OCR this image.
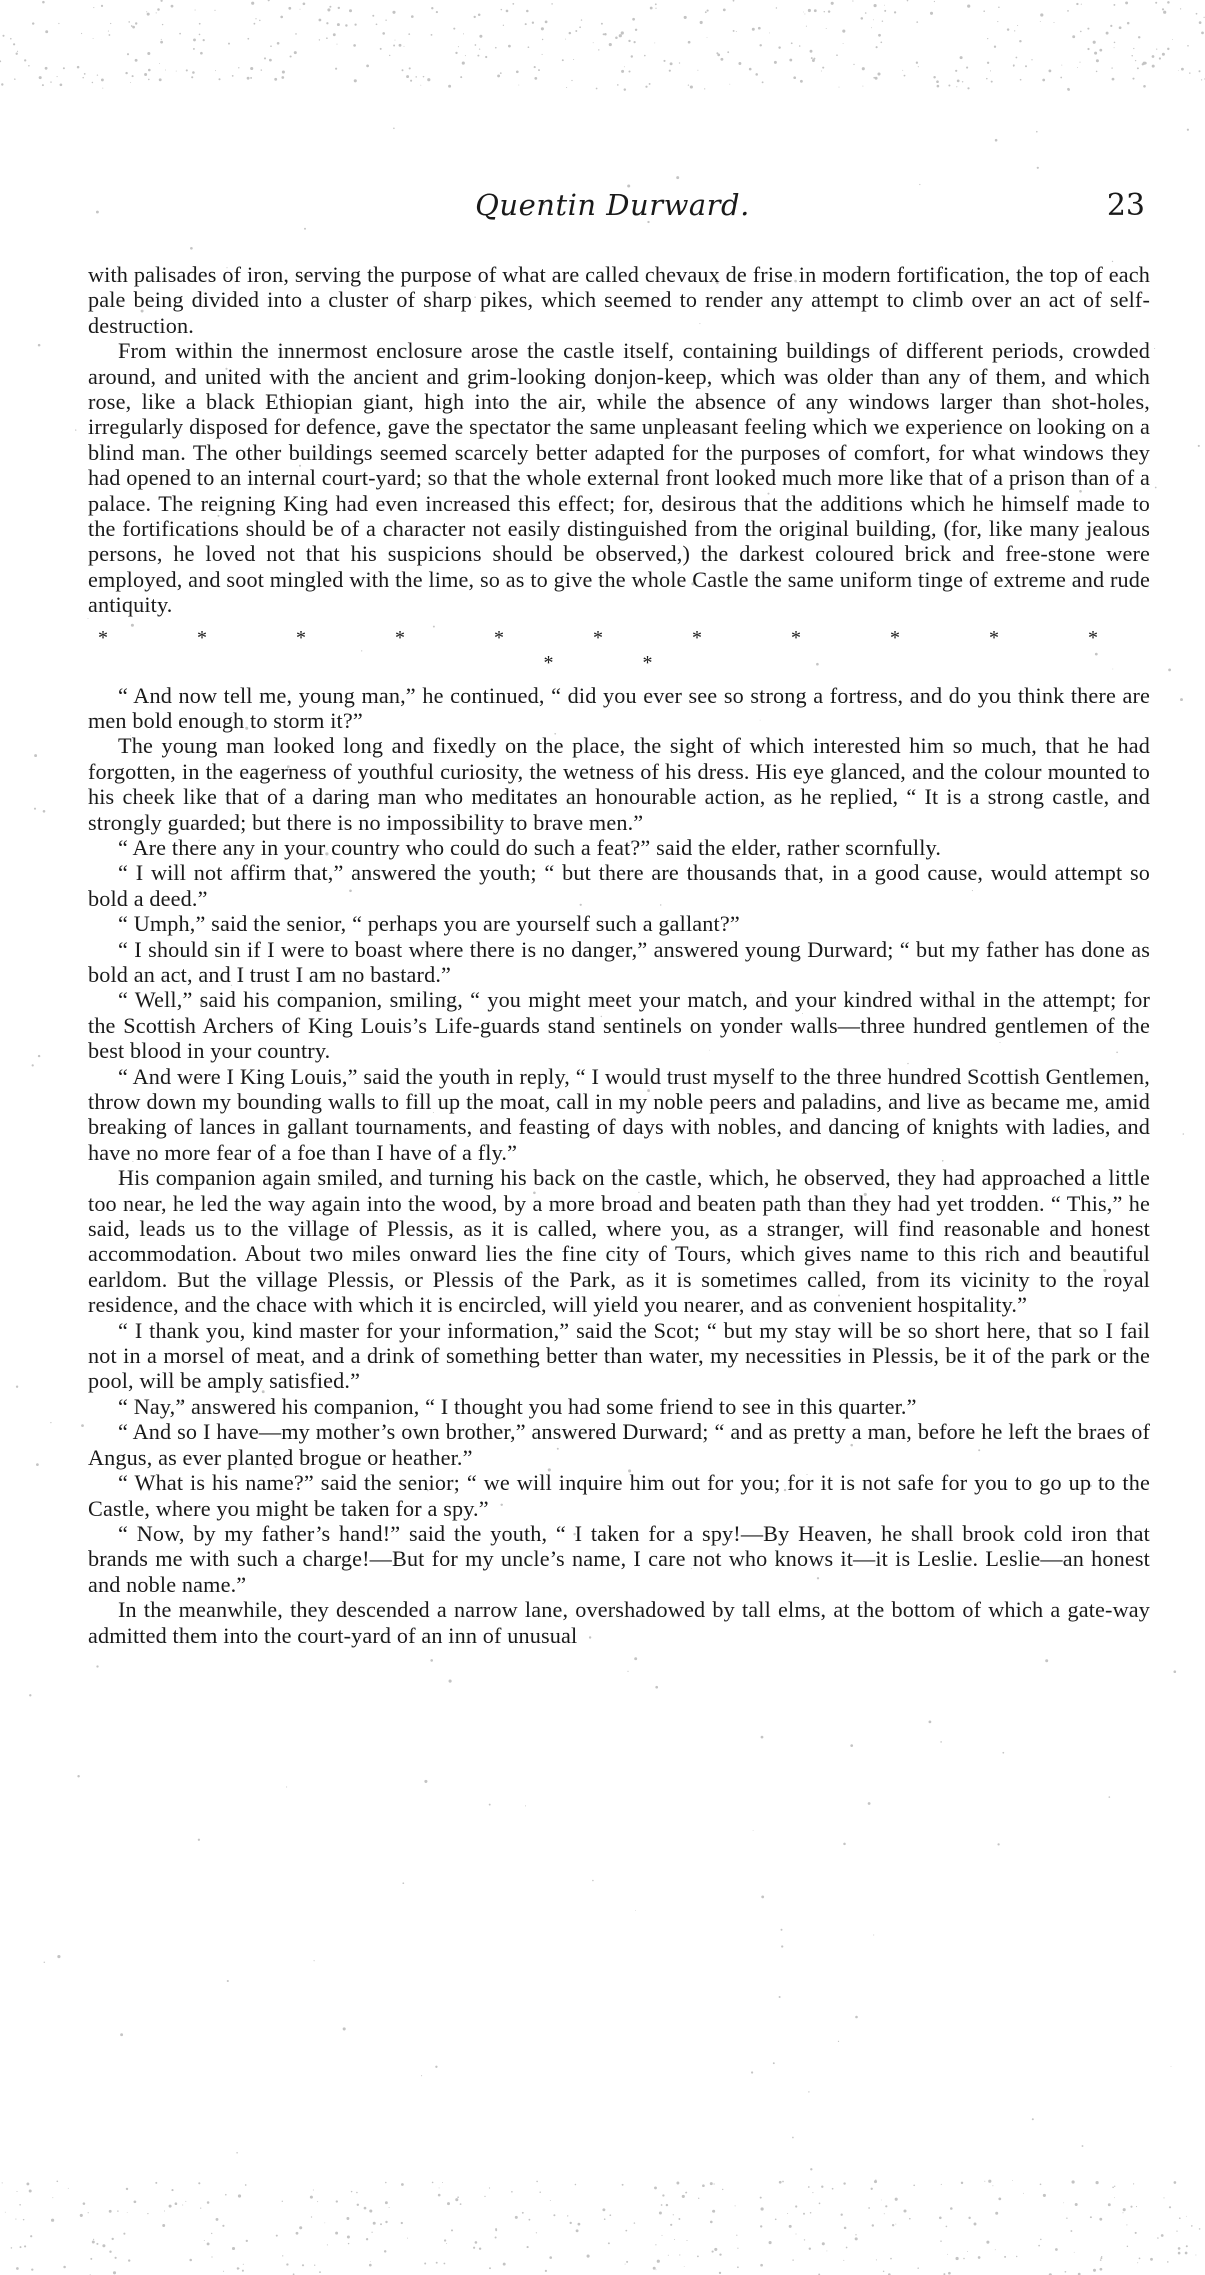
Quentin Durward.	23

with palisades of iron, serving the purpose of what are called chevaux de frise in modern fortification, the top of each pale being divided into a cluster of sharp pikes, which seemed to render any attempt to climb over an act of self-destruction.

From within the innermost enclosure arose the castle itself, containing buildings of different periods, crowded around, and united with the ancient and grim-looking donjon-keep, which was older than any of them, and which rose, like a black Ethiopian giant, high into the air, while the absence of any windows larger than shot-holes, irregularly disposed for defence, gave the spectator the same unpleasant feeling which we experience on looking on a blind man. The other buildings seemed scarcely better adapted for the purposes of comfort, for what windows they had opened to an internal court-yard; so that the whole external front looked much more like that of a prison than of a palace. The reigning King had even increased this effect; for, desirous that the additions which he himself made to the fortifications should be of a character not easily distinguished from the original building, (for, like many jealous persons, he loved not that his suspicions should be observed,) the darkest coloured brick and free-stone were employed, and soot mingled with the lime, so as to give the whole Castle the same uniform tinge of extreme and rude antiquity.

* * * * * * * * * * * * *

“ And now tell me, young man,” he continued, “ did you ever see so strong a fortress, and do you think there are men bold enough to storm it?”

The young man looked long and fixedly on the place, the sight of which interested him so much, that he had forgotten, in the eagerness of youthful curiosity, the wetness of his dress. His eye glanced, and the colour mounted to his cheek like that of a daring man who meditates an honourable action, as he replied, “ It is a strong castle, and strongly guarded; but there is no impossibility to brave men.”

“ Are there any in your country who could do such a feat?” said the elder, rather scornfully.

“ I will not affirm that,” answered the youth; “ but there are thousands that, in a good cause, would attempt so bold a deed.”

“ Umph,” said the senior, “ perhaps you are yourself such a gallant?”

“ I should sin if I were to boast where there is no danger,” answered young Durward; “ but my father has done as bold an act, and I trust I am no bastard.”

“ Well,” said his companion, smiling, “ you might meet your match, and your kindred withal in the attempt; for the Scottish Archers of King Louis’s Life-guards stand sentinels on yonder walls—three hundred gentlemen of the best blood in your country.

“ And were I King Louis,” said the youth in reply, “ I would trust myself to the three hundred Scottish Gentlemen, throw down my bounding walls to fill up the moat, call in my noble peers and paladins, and live as became me, amid breaking of lances in gallant tournaments, and feasting of days with nobles, and dancing of knights with ladies, and have no more fear of a foe than I have of a fly.”

His companion again smiled, and turning his back on the castle, which, he observed, they had approached a little too near, he led the way again into the wood, by a more broad and beaten path than they had yet trodden. “ This,” he said, leads us to the village of Plessis, as it is called, where you, as a stranger, will find reasonable and honest accommodation. About two miles onward lies the fine city of Tours, which gives name to this rich and beautiful earldom. But the village Plessis, or Plessis of the Park, as it is sometimes called, from its vicinity to the royal residence, and the chace with which it is encircled, will yield you nearer, and as convenient hospitality.”

“ I thank you, kind master for your information,” said the Scot; “ but my stay will be so short here, that so I fail not in a morsel of meat, and a drink of something better than water, my necessities in Plessis, be it of the park or the pool, will be amply satisfied.”

“ Nay,” answered his companion, “ I thought you had some friend to see in this quarter.”

“ And so I have—my mother’s own brother,” answered Durward; “ and as pretty a man, before he left the braes of Angus, as ever planted brogue or heather.”

“ What is his name?” said the senior; “ we will inquire him out for you; for it is not safe for you to go up to the Castle, where you might be taken for a spy.”

“ Now, by my father’s hand!” said the youth, “ I taken for a spy!—By Heaven, he shall brook cold iron that brands me with such a charge!—But for my uncle’s name, I care not who knows it—it is Leslie. Leslie—an honest and noble name.”

In the meanwhile, they descended a narrow lane, overshadowed by tall elms, at the bottom of which a gate-way admitted them into the court-yard of an inn of unusual
